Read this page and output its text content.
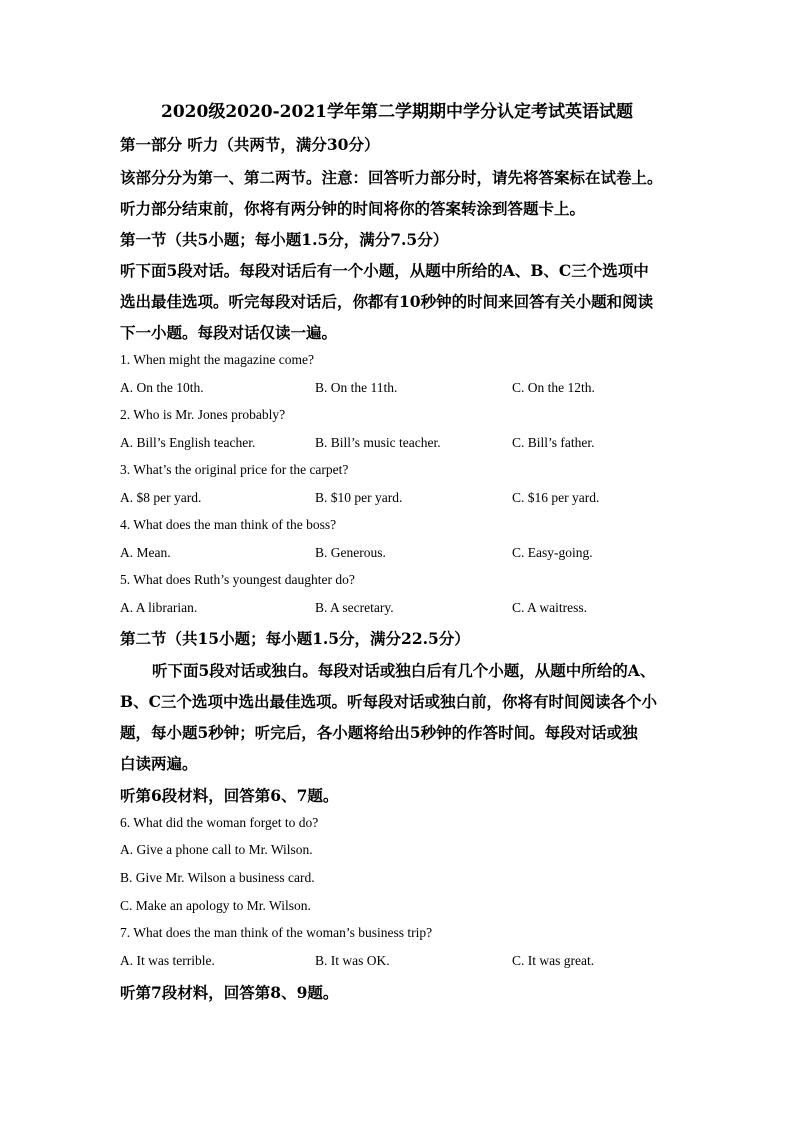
2020级2020-2021学年第二学期期中学分认定考试英语试题
第一部分 听力（共两节，满分30分）
该部分分为第一、第二两节。注意：回答听力部分时，请先将答案标在试卷上。
听力部分结束前，你将有两分钟的时间将你的答案转涂到答题卡上。
第一节（共5小题；每小题1.5分，满分7.5分）
听下面5段对话。每段对话后有一个小题，从题中所给的A、B、C三个选项中
选出最佳选项。听完每段对话后，你都有10秒钟的时间来回答有关小题和阅读
下一小题。每段对话仅读一遍。
1. When might the magazine come?
A. On the 10th.	B. On the 11th.	C. On the 12th.
2. Who is Mr. Jones probably?
A. Bill’s English teacher.	B. Bill’s music teacher.	C. Bill’s father.
3. What’s the original price for the carpet?
A. $8 per yard.	B. $10 per yard.	C. $16 per yard.
4. What does the man think of the boss?
A. Mean.	B. Generous.	C. Easy-going.
5. What does Ruth’s youngest daughter do?
A. A librarian.	B. A secretary.	C. A waitress.
第二节（共15小题；每小题1.5分，满分22.5分）
听下面5段对话或独白。每段对话或独白后有几个小题，从题中所给的A、
B、C三个选项中选出最佳选项。听每段对话或独白前，你将有时间阅读各个小
题，每小题5秒钟；听完后，各小题将给出5秒钟的作答时间。每段对话或独
白读两遍。
听第6段材料，回答第6、7题。
6. What did the woman forget to do?
A. Give a phone call to Mr. Wilson.
B. Give Mr. Wilson a business card.
C. Make an apology to Mr. Wilson.
7. What does the man think of the woman’s business trip?
A. It was terrible.	B. It was OK.	C. It was great.
听第7段材料，回答第8、9题。
